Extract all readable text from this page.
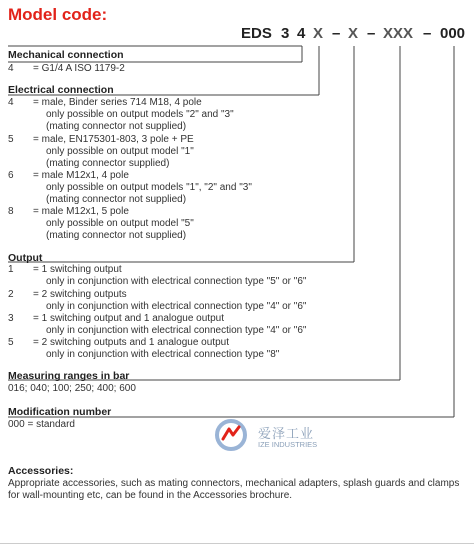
Model code:
EDS 3 4 X – X – XXX – 000
Mechanical connection
4 = G1/4 A ISO 1179-2
Electrical connection
4 = male, Binder series 714 M18, 4 pole
only possible on output models "2" and "3"
(mating connector not supplied)
5 = male, EN175301-803, 3 pole + PE
only possible on output model "1"
(mating connector supplied)
6 = male M12x1, 4 pole
only possible on output models "1", "2" and "3"
(mating connector not supplied)
8 = male M12x1, 5 pole
only possible on output model "5"
(mating connector not supplied)
Output
1 = 1 switching output
only in conjunction with electrical connection type "5" or "6"
2 = 2 switching outputs
only in conjunction with electrical connection type "4" or "6"
3 = 1 switching output and 1 analogue output
only in conjunction with electrical connection type "4" or "6"
5 = 2 switching outputs and 1 analogue output
only in conjunction with electrical connection type "8"
Measuring ranges in bar
016; 040; 100; 250; 400; 600
Modification number
000 = standard
爱泽工业
IZE INDUSTRIES
Accessories:
Appropriate accessories, such as mating connectors, mechanical adapters, splash guards and clamps for wall-mounting etc, can be found in the Accessories brochure.
